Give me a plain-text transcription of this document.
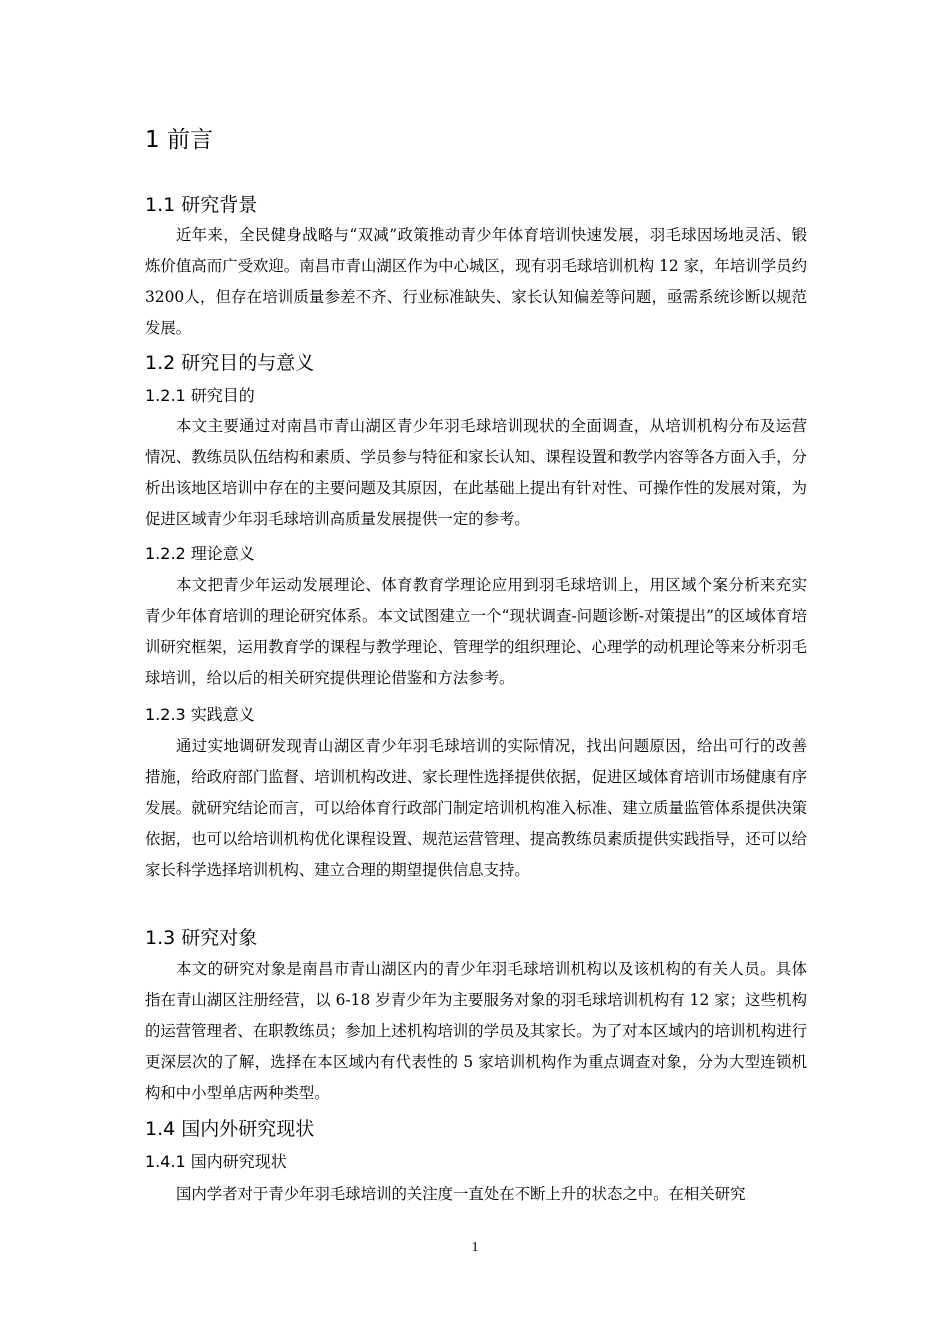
1 前言
1.1 研究背景

近年来，全民健身战略与“双减”政策推动青少年体育培训快速发展，羽毛球因场地灵活、锻炼价值高而广受欢迎。南昌市青山湖区作为中心城区，现有羽毛球培训机构 12 家，年培训学员约3200人，但存在培训质量参差不齐、行业标准缺失、家长认知偏差等问题，亟需系统诊断以规范发展。

1.2 研究目的与意义
1.2.1 研究目的

本文主要通过对南昌市青山湖区青少年羽毛球培训现状的全面调查，从培训机构分布及运营情况、教练员队伍结构和素质、学员参与特征和家长认知、课程设置和教学内容等各方面入手，分析出该地区培训中存在的主要问题及其原因，在此基础上提出有针对性、可操作性的发展对策，为促进区域青少年羽毛球培训高质量发展提供一定的参考。

1.2.2 理论意义

本文把青少年运动发展理论、体育教育学理论应用到羽毛球培训上，用区域个案分析来充实青少年体育培训的理论研究体系。本文试图建立一个“现状调查-问题诊断-对策提出”的区域体育培训研究框架，运用教育学的课程与教学理论、管理学的组织理论、心理学的动机理论等来分析羽毛球培训，给以后的相关研究提供理论借鉴和方法参考。

1.2.3 实践意义

通过实地调研发现青山湖区青少年羽毛球培训的实际情况，找出问题原因，给出可行的改善措施，给政府部门监督、培训机构改进、家长理性选择提供依据，促进区域体育培训市场健康有序发展。就研究结论而言，可以给体育行政部门制定培训机构准入标准、建立质量监管体系提供决策依据，也可以给培训机构优化课程设置、规范运营管理、提高教练员素质提供实践指导，还可以给家长科学选择培训机构、建立合理的期望提供信息支持。

1.3 研究对象

本文的研究对象是南昌市青山湖区内的青少年羽毛球培训机构以及该机构的有关人员。具体指在青山湖区注册经营，以 6-18 岁青少年为主要服务对象的羽毛球培训机构有 12 家；这些机构的运营管理者、在职教练员；参加上述机构培训的学员及其家长。为了对本区域内的培训机构进行更深层次的了解，选择在本区域内有代表性的 5 家培训机构作为重点调查对象，分为大型连锁机构和中小型单店两种类型。

1.4 国内外研究现状
1.4.1 国内研究现状

国内学者对于青少年羽毛球培训的关注度一直处在不断上升的状态之中。在相关研究

1
